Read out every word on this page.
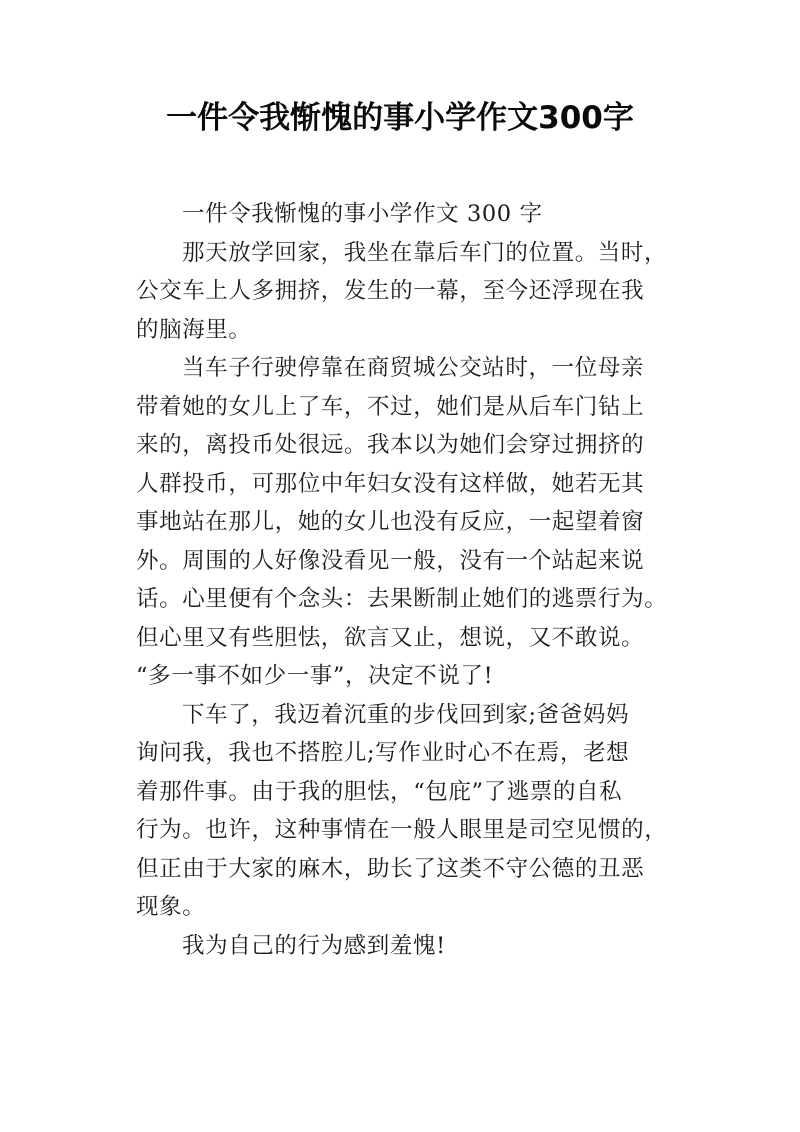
一件令我惭愧的事小学作文300字
一件令我惭愧的事小学作文 300 字
那天放学回家，我坐在靠后车门的位置。当时，
公交车上人多拥挤，发生的一幕，至今还浮现在我
的脑海里。
当车子行驶停靠在商贸城公交站时，一位母亲
带着她的女儿上了车，不过，她们是从后车门钻上
来的，离投币处很远。我本以为她们会穿过拥挤的
人群投币，可那位中年妇女没有这样做，她若无其
事地站在那儿，她的女儿也没有反应，一起望着窗
外。周围的人好像没看见一般，没有一个站起来说
话。心里便有个念头：去果断制止她们的逃票行为。
但心里又有些胆怯，欲言又止，想说，又不敢说。
“多一事不如少一事”，决定不说了!
下车了，我迈着沉重的步伐回到家;爸爸妈妈
询问我，我也不搭腔儿;写作业时心不在焉，老想
着那件事。由于我的胆怯，“包庇”了逃票的自私
行为。也许，这种事情在一般人眼里是司空见惯的，
但正由于大家的麻木，助长了这类不守公德的丑恶
现象。
我为自己的行为感到羞愧!
